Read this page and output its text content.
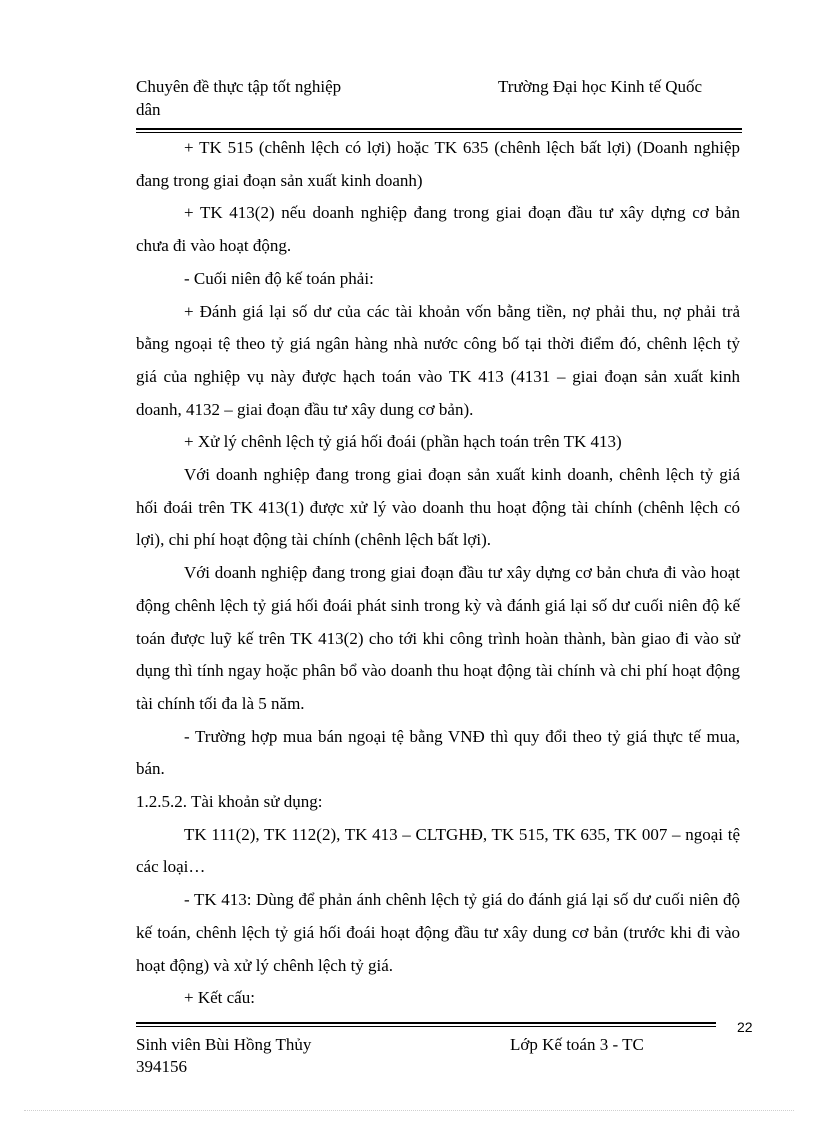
Chuyên đề thực tập tốt nghiệp	Trường Đại học Kinh tế Quốc
dân

+ TK 515 (chênh lệch có lợi) hoặc TK 635 (chênh lệch bất lợi) (Doanh nghiệp đang trong giai đoạn sản xuất kinh doanh)

+ TK 413(2) nếu doanh nghiệp đang trong giai đoạn đầu tư xây dựng cơ bản chưa đi vào hoạt động.

- Cuối niên độ kế toán phải:

+ Đánh giá lại số dư của các tài khoản vốn bằng tiền, nợ phải thu, nợ phải trả bằng ngoại tệ theo tỷ giá ngân hàng nhà nước công bố tại thời điểm đó, chênh lệch tỷ giá của nghiệp vụ này được hạch toán vào TK 413 (4131 – giai đoạn sản xuất kinh doanh, 4132 – giai đoạn đầu tư xây dung cơ bản).

+ Xử lý chênh lệch tỷ giá hối đoái (phần hạch toán trên TK 413)

Với doanh nghiệp đang trong giai đoạn sản xuất kinh doanh, chênh lệch tỷ giá hối đoái trên TK 413(1) được xử lý vào doanh thu hoạt động tài chính (chênh lệch có lợi), chi phí hoạt động tài chính (chênh lệch bất lợi).

Với doanh nghiệp đang trong giai đoạn đầu tư xây dựng cơ bản chưa đi vào hoạt động chênh lệch tỷ giá hối đoái phát sinh trong kỳ và đánh giá lại số dư cuối niên độ kế toán được luỹ kế trên TK 413(2) cho tới khi công trình hoàn thành, bàn giao đi vào sử dụng thì tính ngay hoặc phân bổ vào doanh thu hoạt động tài chính và chi phí hoạt động tài chính tối đa là 5 năm.

- Trường hợp mua bán ngoại tệ bằng VNĐ thì quy đổi theo tỷ giá thực tế mua, bán.

1.2.5.2. Tài khoản sử dụng:

TK 111(2), TK 112(2), TK 413 – CLTGHĐ, TK 515, TK 635, TK 007 – ngoại tệ các loại…

- TK 413: Dùng để phản ánh chênh lệch tỷ giá do đánh giá lại số dư cuối niên độ kế toán, chênh lệch tỷ giá hối đoái hoạt động đầu tư xây dung cơ bản (trước khi đi vào hoạt động) và xử lý chênh lệch tỷ giá.

+ Kết cấu:

22
Sinh viên Bùi Hồng Thủy	Lớp Kế toán 3 - TC
394156
